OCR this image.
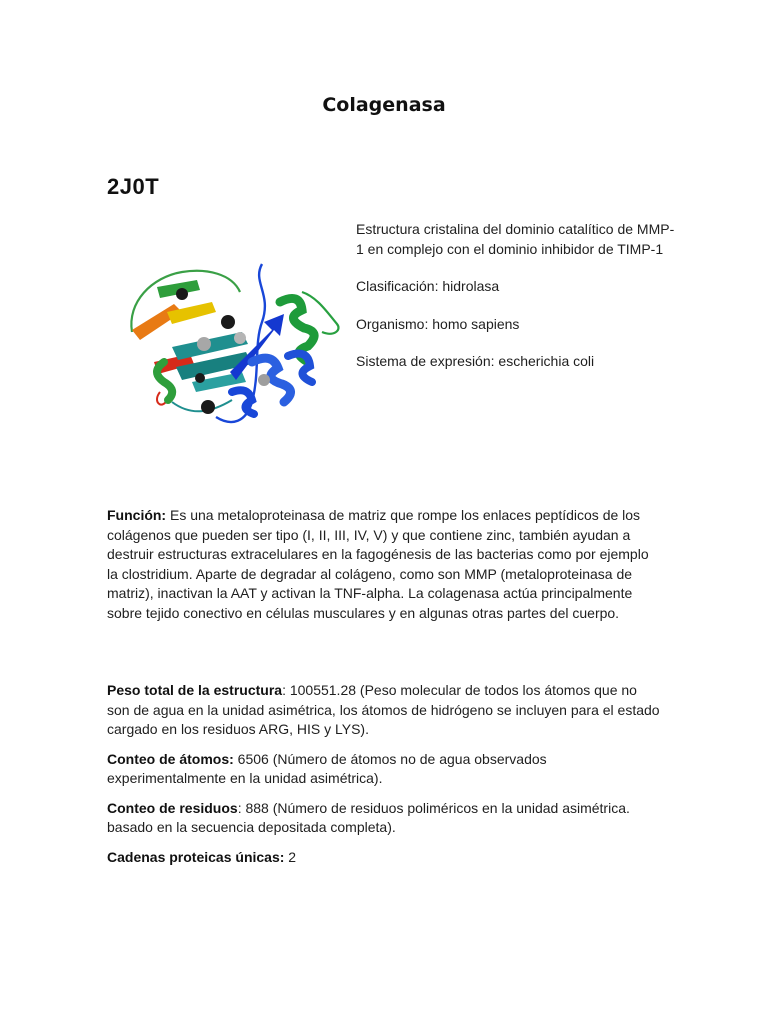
Colagenasa
2J0T

Estructura cristalina del dominio catalítico de MMP-1 en complejo con el dominio inhibidor de TIMP-1

Clasificación: hidrolasa

Organismo: homo sapiens

Sistema de expresión: escherichia coli

Función: Es una metaloproteinasa de matriz que rompe los enlaces peptídicos de los colágenos que pueden ser tipo (I, II, III, IV, V) y que contiene zinc, también ayudan a destruir estructuras extracelulares en la fagogénesis de las bacterias como por ejemplo la clostridium. Aparte de degradar al colágeno, como son MMP (metaloproteinasa de matriz), inactivan la AAT y activan la TNF-alpha. La colagenasa actúa principalmente sobre tejido conectivo en células musculares y en algunas otras partes del cuerpo.

Peso total de la estructura: 100551.28 (Peso molecular de todos los átomos que no son de agua en la unidad asimétrica, los átomos de hidrógeno se incluyen para el estado cargado en los residuos ARG, HIS y LYS).

Conteo de átomos: 6506 (Número de átomos no de agua observados experimentalmente en la unidad asimétrica).

Conteo de residuos: 888 (Número de residuos poliméricos en la unidad asimétrica. basado en la secuencia depositada completa).

Cadenas proteicas únicas: 2
